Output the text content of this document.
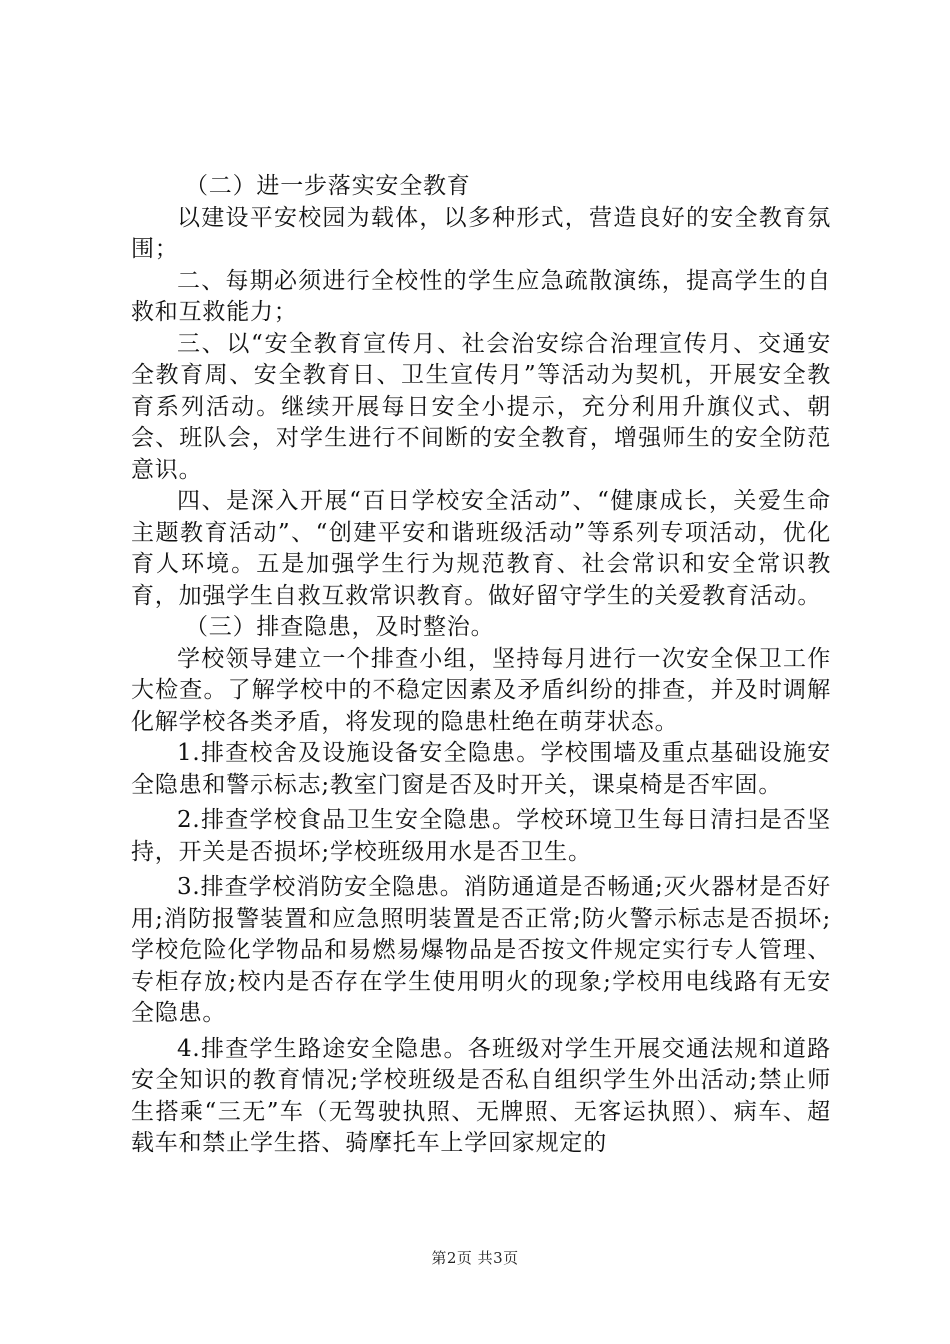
（二）进一步落实安全教育

以建设平安校园为载体，以多种形式，营造良好的安全教育氛围；

二、每期必须进行全校性的学生应急疏散演练，提高学生的自救和互救能力；

三、以“安全教育宣传月、社会治安综合治理宣传月、交通安全教育周、安全教育日、卫生宣传月”等活动为契机，开展安全教育系列活动。继续开展每日安全小提示，充分利用升旗仪式、朝会、班队会，对学生进行不间断的安全教育，增强师生的安全防范意识。

四、是深入开展“百日学校安全活动”、“健康成长，关爱生命主题教育活动”、“创建平安和谐班级活动”等系列专项活动，优化育人环境。五是加强学生行为规范教育、社会常识和安全常识教育，加强学生自救互救常识教育。做好留守学生的关爱教育活动。

（三）排查隐患，及时整治。

学校领导建立一个排查小组，坚持每月进行一次安全保卫工作大检查。了解学校中的不稳定因素及矛盾纠纷的排查，并及时调解化解学校各类矛盾，将发现的隐患杜绝在萌芽状态。

1.排查校舍及设施设备安全隐患。学校围墙及重点基础设施安全隐患和警示标志;教室门窗是否及时开关，课桌椅是否牢固。

2.排查学校食品卫生安全隐患。学校环境卫生每日清扫是否坚持，开关是否损坏;学校班级用水是否卫生。

3.排查学校消防安全隐患。消防通道是否畅通;灭火器材是否好用;消防报警装置和应急照明装置是否正常;防火警示标志是否损坏;学校危险化学物品和易燃易爆物品是否按文件规定实行专人管理、专柜存放;校内是否存在学生使用明火的现象;学校用电线路有无安全隐患。

4.排查学生路途安全隐患。各班级对学生开展交通法规和道路安全知识的教育情况;学校班级是否私自组织学生外出活动;禁止师生搭乘“三无”车（无驾驶执照、无牌照、无客运执照）、病车、超载车和禁止学生搭、骑摩托车上学回家规定的

第2页 共3页
